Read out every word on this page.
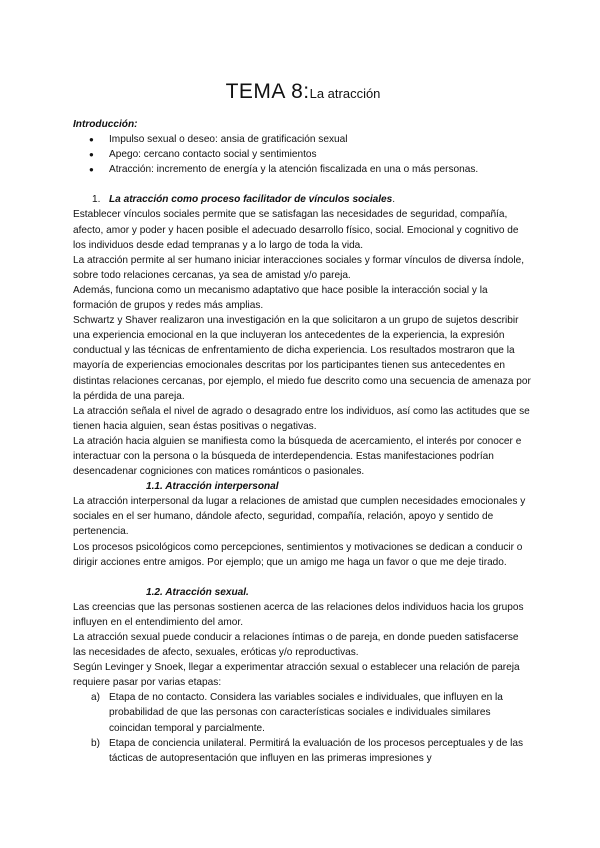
TEMA 8:La atracción
Introducción:
● Impulso sexual o deseo: ansia de gratificación sexual
● Apego: cercano contacto social y sentimientos
● Atracción: incremento de energía y la atención fiscalizada en una o más personas.
1. La atracción como proceso facilitador de vínculos sociales.

Establecer vínculos sociales permite que se satisfagan las necesidades de seguridad, compañía, afecto, amor y poder y hacen posible el adecuado desarrollo físico, social. Emocional y cognitivo de los individuos desde edad tempranas y a lo largo de toda la vida.

La atracción permite al ser humano iniciar interacciones sociales y formar vínculos de diversa índole, sobre todo relaciones cercanas, ya sea de amistad y/o pareja.

Además, funciona como un mecanismo adaptativo que hace posible la interacción social y la formación de grupos y redes más amplias.

Schwartz y Shaver realizaron una investigación en la que solicitaron a un grupo de sujetos describir una experiencia emocional en la que incluyeran los antecedentes de la experiencia, la expresión conductual y las técnicas de enfrentamiento de dicha experiencia. Los resultados mostraron que la mayoría de experiencias emocionales descritas por los participantes tienen sus antecedentes en distintas relaciones cercanas, por ejemplo, el miedo fue descrito como una secuencia de amenaza por la pérdida de una pareja.

La atracción señala el nivel de agrado o desagrado entre los individuos, así como las actitudes que se tienen hacia alguien, sean éstas positivas o negativas.

La atración hacia alguien se manifiesta como la búsqueda de acercamiento, el interés por conocer e interactuar con la persona o la búsqueda de interdependencia. Estas manifestaciones podrían desencadenar cogniciones con matices románticos o pasionales.

1.1. Atracción interpersonal

La atracción interpersonal da lugar a relaciones de amistad que cumplen necesidades emocionales y sociales en el ser humano, dándole afecto, seguridad, compañía, relación, apoyo y sentido de pertenencia.

Los procesos psicológicos como percepciones, sentimientos y motivaciones se dedican a conducir o dirigir acciones entre amigos. Por ejemplo; que un amigo me haga un favor o que me deje tirado.

1.2. Atracción sexual.

Las creencias que las personas sostienen acerca de las relaciones delos individuos hacia los grupos influyen en el entendimiento del amor.

La atracción sexual puede conducir a relaciones íntimas o de pareja, en donde pueden satisfacerse las necesidades de afecto, sexuales, eróticas y/o reproductivas.

Según Levinger y Snoek, llegar a experimentar atracción sexual o establecer una relación de pareja requiere pasar por varias etapas:

a) Etapa de no contacto. Considera las variables sociales e individuales, que influyen en la probabilidad de que las personas con características sociales e individuales similares coincidan temporal y parcialmente.
b) Etapa de conciencia unilateral. Permitirá la evaluación de los procesos perceptuales y de las tácticas de autopresentación que influyen en las primeras impresiones y
